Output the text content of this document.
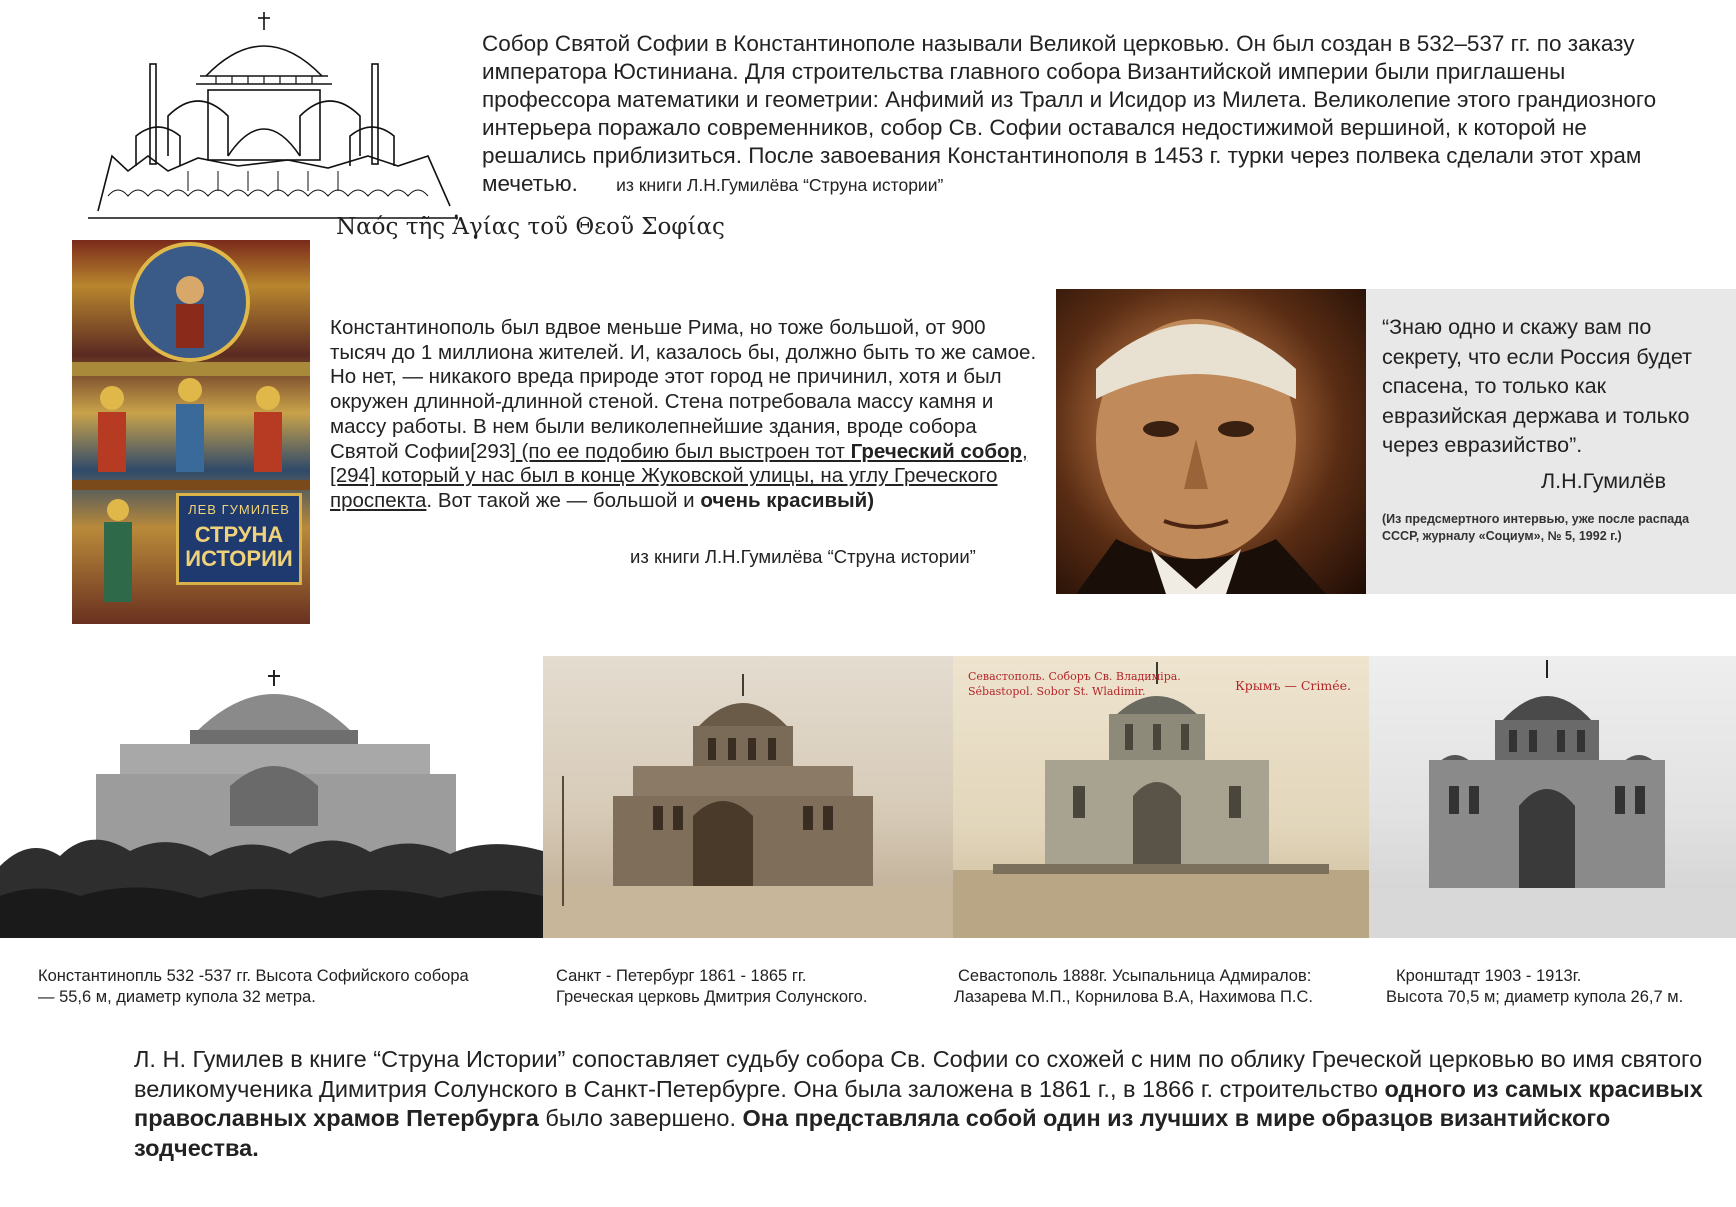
Собор Святой Софии в Константинополе называли Великой церковью. Он был создан в 532–537 гг. по заказу императора Юстиниана. Для строительства главного собора Византийской империи были приглашены профессора математики и геометрии: Анфимий из Тралл и Исидор из Милета. Великолепие этого грандиозного интерьера поражало современников, собор Св. Софии оставался недостижимой вершиной, к которой не решались приблизиться. После завоевания Константинополя в 1453 г. турки через полвека сделали этот храм мечетью. из книги Л.Н.Гумилёва “Струна истории”

Ναός τῆς Ἁγίας τοῦ Θεοῦ Σοφίας
ЛЕВ ГУМИЛЕВ
СТРУНА
ИСТОРИИ

Константинополь был вдвое меньше Рима, но тоже большой, от 900 тысяч до 1 миллиона жителей. И, казалось бы, должно быть то же самое. Но нет, — никакого вреда природе этот город не причинил, хотя и был окружен длинной-длинной стеной. Стена потребовала массу камня и массу работы. В нем были великолепнейшие здания, вроде собора Святой Софии[293] (по ее подобию был выстроен тот Греческий собор,[294] который у нас был в конце Жуковской улицы, на углу Греческого проспекта. Вот такой же — большой и очень красивый)

из книги Л.Н.Гумилёва “Струна истории”
“Знаю одно и скажу вам по секрету, что если Россия будет спасена, то только как евразийская держава и только через евразийство”.
Л.Н.Гумилёв
(Из предсмертного интервью, уже после распада СССР, журналу «Социум», № 5, 1992 г.)
Севастополь. Соборъ Св. Владиміра.
Sébastopol. Sobor St. Wladimir.	Крымъ — Crimée.
Константинопль 532 -537 гг. Высота Софийского собора
— 55,6 м, диаметр купола 32 метра.
Санкт - Петербург 1861 - 1865 гг.
Греческая церковь Дмитрия Солунского.
Севастополь 1888г. Усыпальница Адмиралов:
Лазарева М.П., Корнилова В.А, Нахимова П.С.
Кронштадт 1903 - 1913г.
Высота 70,5 м; диаметр купола 26,7 м.

Л. Н. Гумилев в книге “Струна Истории” сопоставляет судьбу собора Св. Софии со схожей с ним по облику Греческой церковью во имя святого великомученика Димитрия Солунского в Санкт-Петербурге. Она была заложена в 1861 г., в 1866 г. строительство одного из самых красивых православных храмов Петербурга было завершено. Она представляла собой один из лучших в мире образцов византийского зодчества.
